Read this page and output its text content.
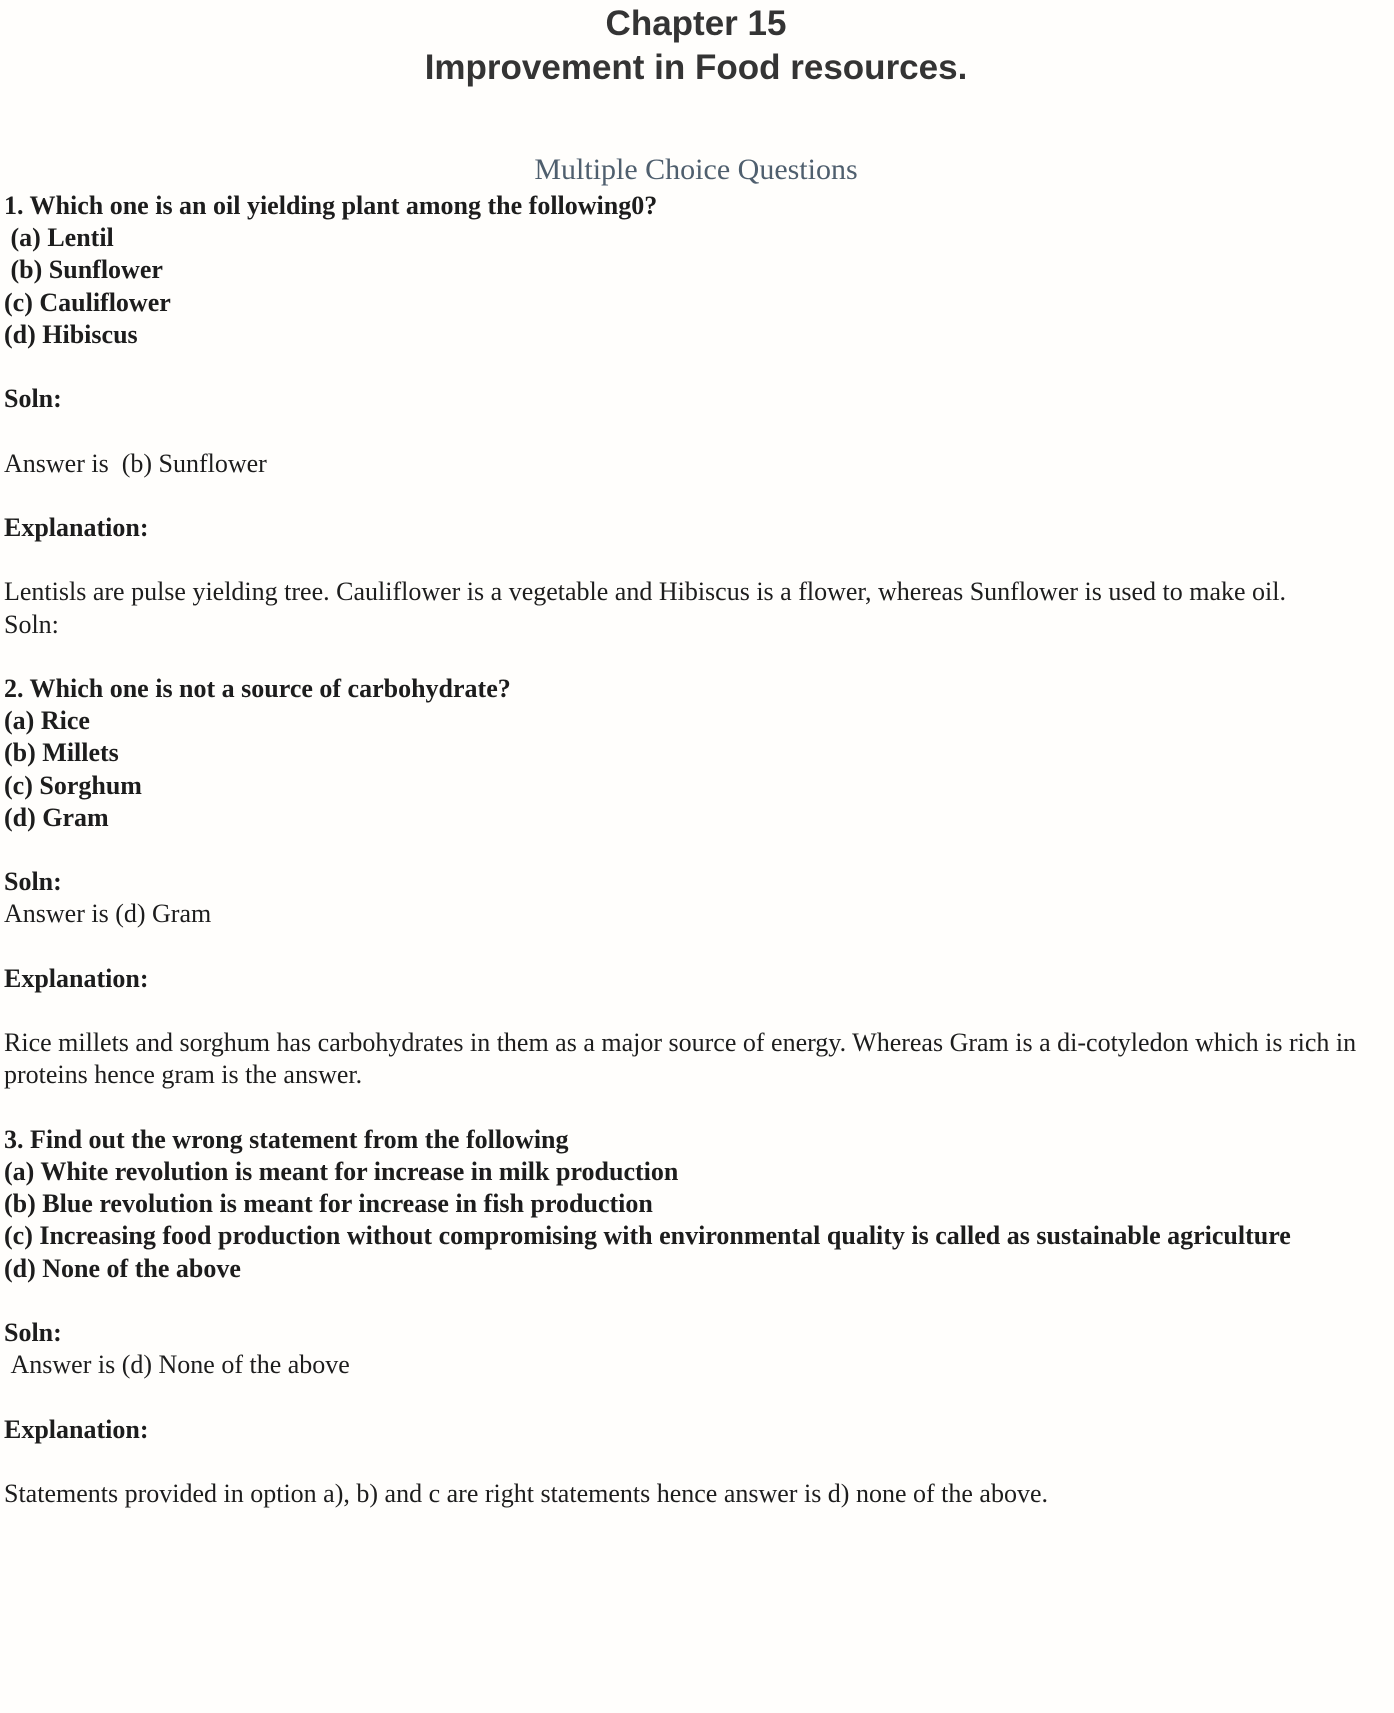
Chapter 15

Improvement in Food resources.

Multiple Choice Questions

1. Which one is an oil yielding plant among the following0?

(a) Lentil

(b) Sunflower

(c) Cauliflower

(d) Hibiscus

Soln:

Answer is  (b) Sunflower

Explanation:

Lentisls are pulse yielding tree. Cauliflower is a vegetable and Hibiscus is a flower, whereas Sunflower is used to make oil.

Soln:

2. Which one is not a source of carbohydrate?

(a) Rice

(b) Millets

(c) Sorghum

(d) Gram

Soln:

Answer is (d) Gram

Explanation:

Rice millets and sorghum has carbohydrates in them as a major source of energy. Whereas Gram is a di-cotyledon which is rich in proteins hence gram is the answer.

3. Find out the wrong statement from the following

(a) White revolution is meant for increase in milk production

(b) Blue revolution is meant for increase in fish production

(c) Increasing food production without compromising with environmental quality is called as sustainable agriculture

(d) None of the above

Soln:

Answer is (d) None of the above

Explanation:

Statements provided in option a), b) and c are right statements hence answer is d) none of the above.
